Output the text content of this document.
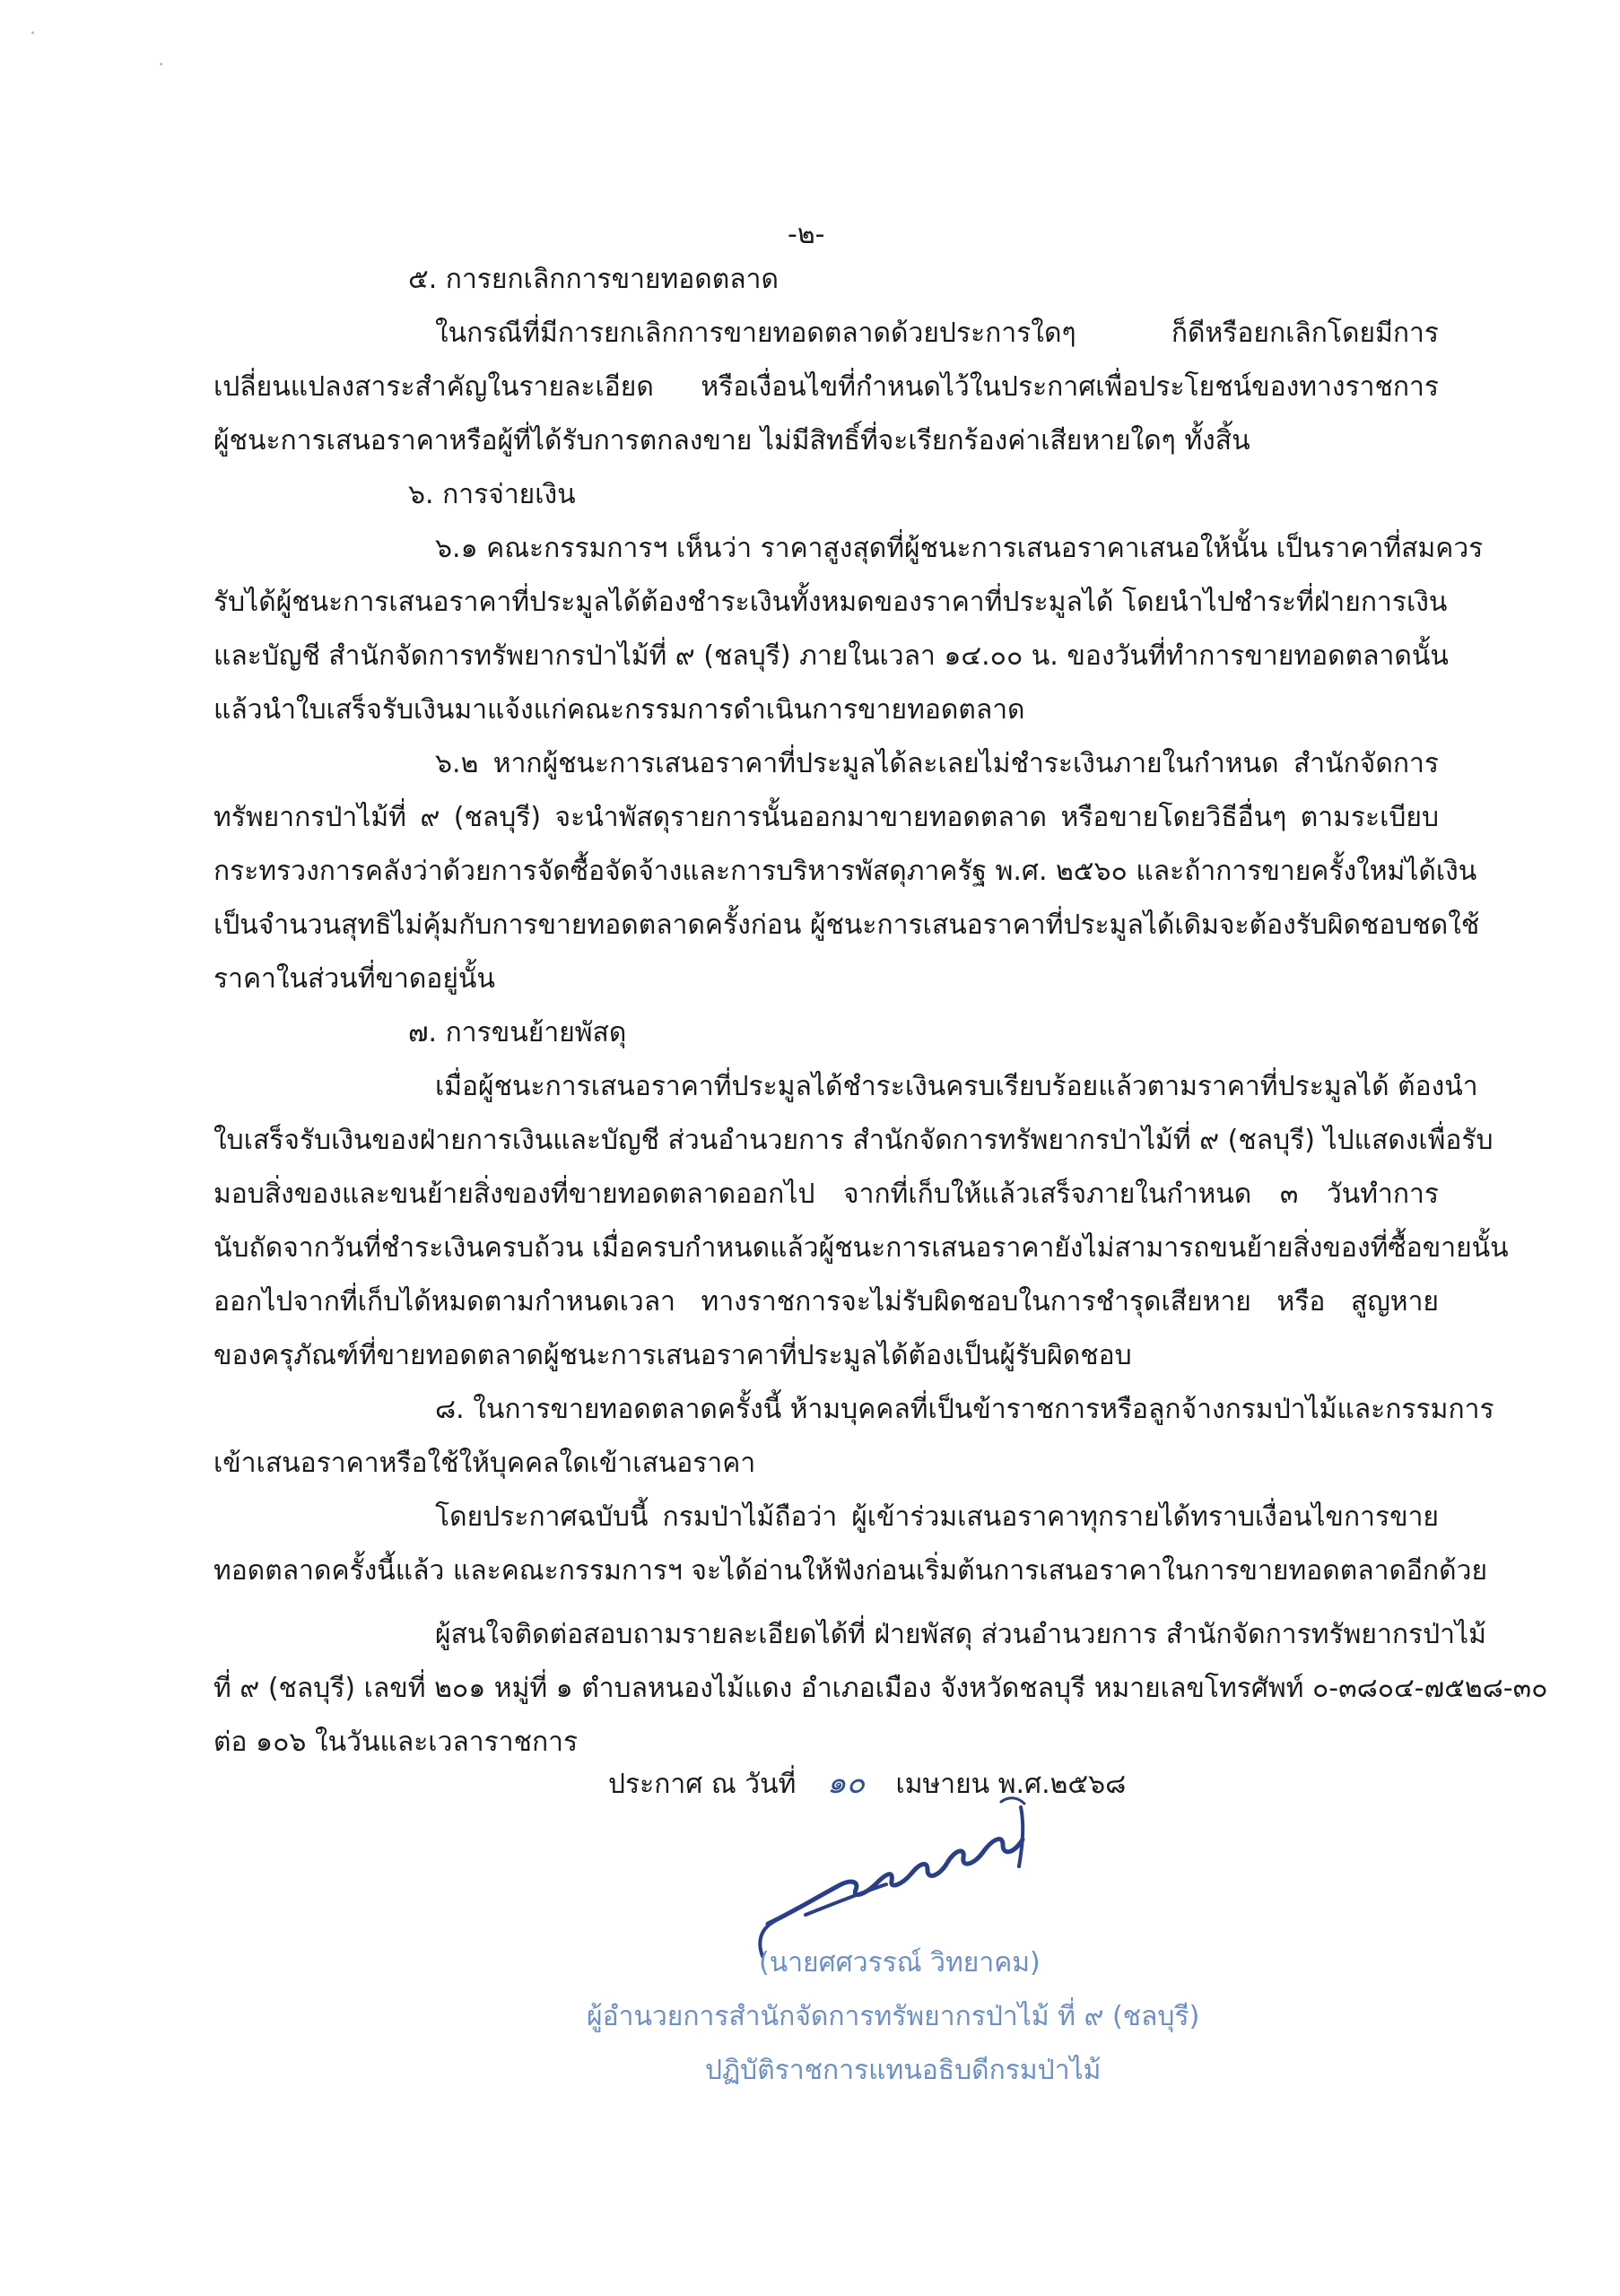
-๒-
๕. การยกเลิกการขายทอดตลาด
ในกรณีที่มีการยกเลิกการขายทอดตลาดด้วยประการใดๆ ก็ดีหรือยกเลิกโดยมีการ
เปลี่ยนแปลงสาระสำคัญในรายละเอียด หรือเงื่อนไขที่กำหนดไว้ในประกาศเพื่อประโยชน์ของทางราชการ
ผู้ชนะการเสนอราคาหรือผู้ที่ได้รับการตกลงขาย ไม่มีสิทธิ์ที่จะเรียกร้องค่าเสียหายใดๆ ทั้งสิ้น
๖. การจ่ายเงิน
๖.๑ คณะกรรมการฯ เห็นว่า ราคาสูงสุดที่ผู้ชนะการเสนอราคาเสนอให้นั้น เป็นราคาที่สมควร
รับได้ผู้ชนะการเสนอราคาที่ประมูลได้ต้องชำระเงินทั้งหมดของราคาที่ประมูลได้ โดยนำไปชำระที่ฝ่ายการเงิน
และบัญชี สำนักจัดการทรัพยากรป่าไม้ที่ ๙ (ชลบุรี) ภายในเวลา ๑๔.๐๐ น. ของวันที่ทำการขายทอดตลาดนั้น
แล้วนำใบเสร็จรับเงินมาแจ้งแก่คณะกรรมการดำเนินการขายทอดตลาด
๖.๒ หากผู้ชนะการเสนอราคาที่ประมูลได้ละเลยไม่ชำระเงินภายในกำหนด สำนักจัดการ
ทรัพยากรป่าไม้ที่ ๙ (ชลบุรี) จะนำพัสดุรายการนั้นออกมาขายทอดตลาด หรือขายโดยวิธีอื่นๆ ตามระเบียบ
กระทรวงการคลังว่าด้วยการจัดซื้อจัดจ้างและการบริหารพัสดุภาครัฐ พ.ศ. ๒๕๖๐ และถ้าการขายครั้งใหม่ได้เงิน
เป็นจำนวนสุทธิไม่คุ้มกับการขายทอดตลาดครั้งก่อน ผู้ชนะการเสนอราคาที่ประมูลได้เดิมจะต้องรับผิดชอบชดใช้
ราคาในส่วนที่ขาดอยู่นั้น
๗. การขนย้ายพัสดุ
เมื่อผู้ชนะการเสนอราคาที่ประมูลได้ชำระเงินครบเรียบร้อยแล้วตามราคาที่ประมูลได้ ต้องนำ
ใบเสร็จรับเงินของฝ่ายการเงินและบัญชี ส่วนอำนวยการ สำนักจัดการทรัพยากรป่าไม้ที่ ๙ (ชลบุรี) ไปแสดงเพื่อรับ
มอบสิ่งของและขนย้ายสิ่งของที่ขายทอดตลาดออกไป จากที่เก็บให้แล้วเสร็จภายในกำหนด ๓ วันทำการ
นับถัดจากวันที่ชำระเงินครบถ้วน เมื่อครบกำหนดแล้วผู้ชนะการเสนอราคายังไม่สามารถขนย้ายสิ่งของที่ซื้อขายนั้น
ออกไปจากที่เก็บได้หมดตามกำหนดเวลา ทางราชการจะไม่รับผิดชอบในการชำรุดเสียหาย หรือ สูญหาย
ของครุภัณฑ์ที่ขายทอดตลาดผู้ชนะการเสนอราคาที่ประมูลได้ต้องเป็นผู้รับผิดชอบ
๘. ในการขายทอดตลาดครั้งนี้ ห้ามบุคคลที่เป็นข้าราชการหรือลูกจ้างกรมป่าไม้และกรรมการ
เข้าเสนอราคาหรือใช้ให้บุคคลใดเข้าเสนอราคา
โดยประกาศฉบับนี้ กรมป่าไม้ถือว่า ผู้เข้าร่วมเสนอราคาทุกรายได้ทราบเงื่อนไขการขาย
ทอดตลาดครั้งนี้แล้ว และคณะกรรมการฯ จะได้อ่านให้ฟังก่อนเริ่มต้นการเสนอราคาในการขายทอดตลาดอีกด้วย
ผู้สนใจติดต่อสอบถามรายละเอียดได้ที่ ฝ่ายพัสดุ ส่วนอำนวยการ สำนักจัดการทรัพยากรป่าไม้
ที่ ๙ (ชลบุรี) เลขที่ ๒๐๑ หมู่ที่ ๑ ตำบลหนองไม้แดง อำเภอเมือง จังหวัดชลบุรี หมายเลขโทรศัพท์ ๐-๓๘๐๔-๗๕๒๘-๓๐
ต่อ ๑๐๖ ในวันและเวลาราชการ
ประกาศ ณ วันที่ ๑๐ เมษายน พ.ศ.๒๕๖๘
(นายศศวรรณ์ วิทยาคม)
ผู้อำนวยการสำนักจัดการทรัพยากรป่าไม้ ที่ ๙ (ชลบุรี)
ปฏิบัติราชการแทนอธิบดีกรมป่าไม้
